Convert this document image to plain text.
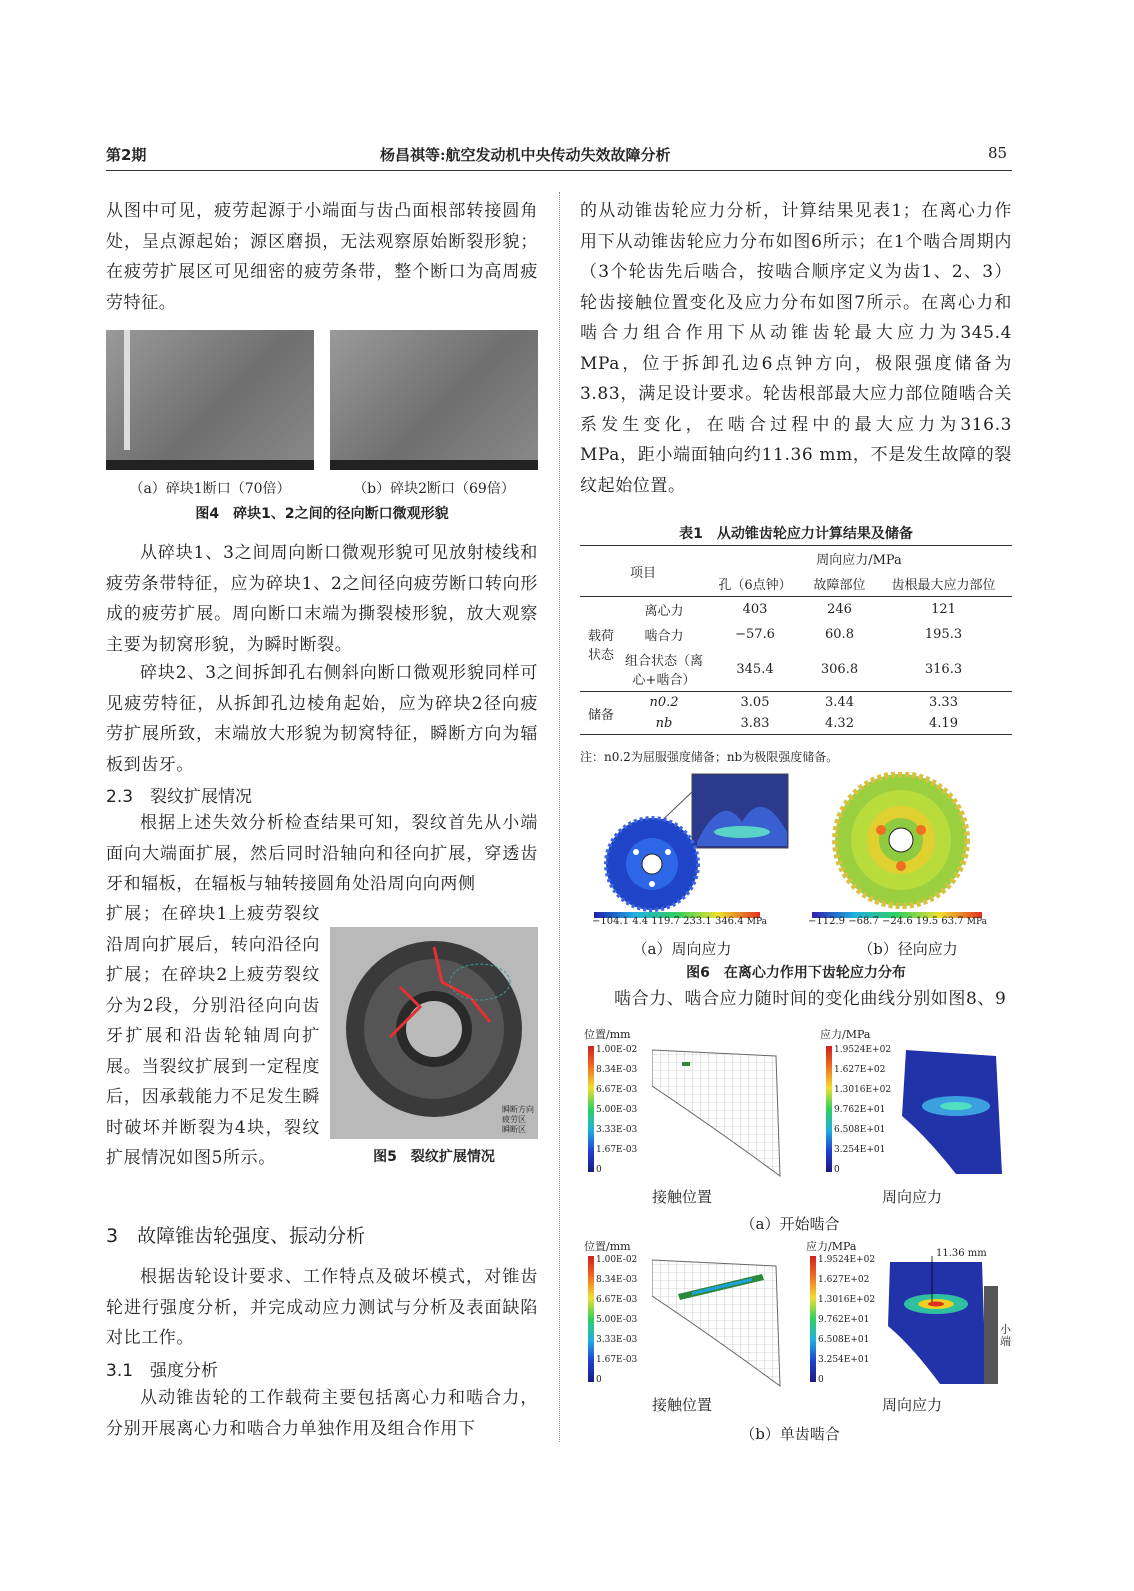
第2期	杨昌祺等:航空发动机中央传动失效故障分析	85

从图中可见，疲劳起源于小端面与齿凸面根部转接圆角处，呈点源起始；源区磨损，无法观察原始断裂形貌；在疲劳扩展区可见细密的疲劳条带，整个断口为高周疲劳特征。

（a）碎块1断口（70倍）	（b）碎块2断口（69倍）
图4　碎块1、2之间的径向断口微观形貌

从碎块1、3之间周向断口微观形貌可见放射棱线和疲劳条带特征，应为碎块1、2之间径向疲劳断口转向形成的疲劳扩展。周向断口末端为撕裂棱形貌，放大观察主要为韧窝形貌，为瞬时断裂。

碎块2、3之间拆卸孔右侧斜向断口微观形貌同样可见疲劳特征，从拆卸孔边棱角起始，应为碎块2径向疲劳扩展所致，末端放大形貌为韧窝特征，瞬断方向为辐板到齿牙。

2.3　裂纹扩展情况

根据上述失效分析检查结果可知，裂纹首先从小端面向大端面扩展，然后同时沿轴向和径向扩展，穿透齿牙和辐板，在辐板与轴转接圆角处沿周向向两侧

扩展；在碎块1上疲劳裂纹沿周向扩展后，转向沿径向扩展；在碎块2上疲劳裂纹分为2段，分别沿径向向齿牙扩展和沿齿轮轴周向扩展。当裂纹扩展到一定程度后，因承载能力不足发生瞬时破坏并断裂为4块，裂纹扩展情况如图5所示。

瞬断方向
疲劳区
瞬断区
图5　裂纹扩展情况
3　故障锥齿轮强度、振动分析

根据齿轮设计要求、工作特点及破坏模式，对锥齿轮进行强度分析，并完成动应力测试与分析及表面缺陷对比工作。

3.1　强度分析

从动锥齿轮的工作载荷主要包括离心力和啮合力，分别开展离心力和啮合力单独作用及组合作用下

的从动锥齿轮应力分析，计算结果见表1；在离心力作用下从动锥齿轮应力分布如图6所示；在1个啮合周期内（3个轮齿先后啮合，按啮合顺序定义为齿1、2、3）轮齿接触位置变化及应力分布如图7所示。在离心力和啮合力组合作用下从动锥齿轮最大应力为345.4 MPa，位于拆卸孔边6点钟方向，极限强度储备为3.83，满足设计要求。轮齿根部最大应力部位随啮合关系发生变化，在啮合过程中的最大应力为316.3 MPa，距小端面轴向约11.36 mm，不是发生故障的裂纹起始位置。

表1　从动锥齿轮应力计算结果及储备
项目		周向应力/MPa		
		孔（6点钟）	故障部位	齿根最大应力部位
载荷状态	离心力	403	246	121
	啮合力	−57.6	60.8	195.3
	组合状态（离心+啮合）	345.4	306.8	316.3
储备	n0.2	3.05	3.44	3.33
	nb	3.83	4.32	4.19
注：n0.2为屈服强度储备；nb为极限强度储备。
−104.1 4.4 119.7 233.1 346.4 MPa	−112.9 −68.7 −24.6 19.5 63.7 MPa
（a）周向应力	（b）径向应力
图6　在离心力作用下齿轮应力分布

啮合力、啮合应力随时间的变化曲线分别如图8、9

位置/mm
1.00E-02
8.34E-03
6.67E-03
5.00E-03
3.33E-03
1.67E-03
0
应力/MPa
1.9524E+02
1.627E+02
1.3016E+02
9.762E+01
6.508E+01
3.254E+01
0
接触位置	周向应力
（a）开始啮合
位置/mm
1.00E-02
8.34E-03
6.67E-03
5.00E-03
3.33E-03
1.67E-03
0
应力/MPa
1.9524E+02
1.627E+02
1.3016E+02
9.762E+01
6.508E+01
3.254E+01
0
11.36 mm
小端
接触位置	周向应力
（b）单齿啮合
